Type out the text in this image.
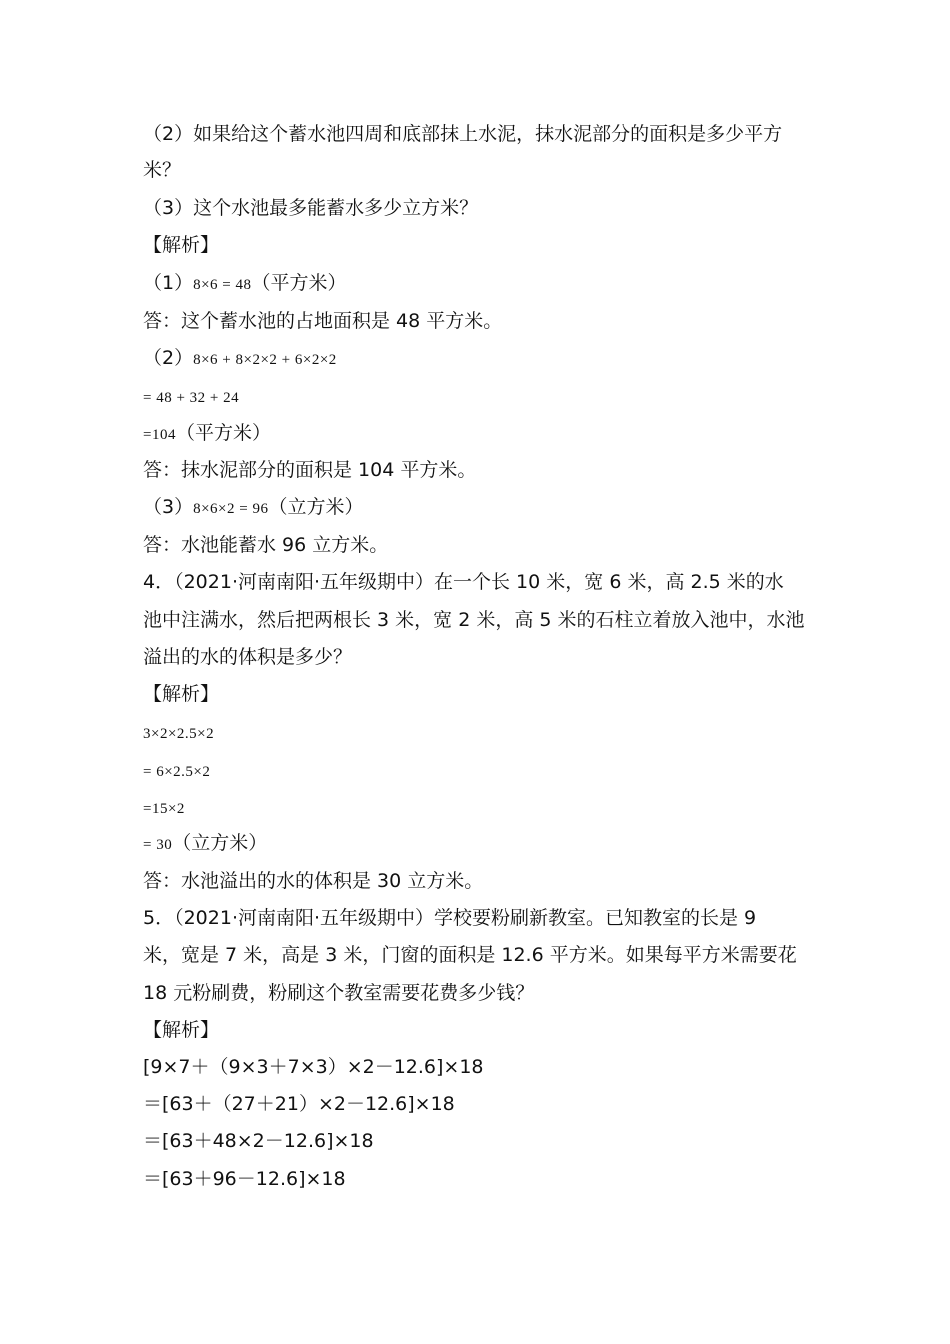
（2）如果给这个蓄水池四周和底部抹上水泥，抹水泥部分的面积是多少平方
米？
（3）这个水池最多能蓄水多少立方米？
【解析】
（1）8×6 = 48（平方米）
答：这个蓄水池的占地面积是 48 平方米。
（2）8×6 + 8×2×2 + 6×2×2
= 48 + 32 + 24
=104（平方米）
答：抹水泥部分的面积是 104 平方米。
（3）8×6×2 = 96（立方米）
答：水池能蓄水 96 立方米。
4．（2021·河南南阳·五年级期中）在一个长 10 米，宽 6 米，高 2.5 米的水
池中注满水，然后把两根长 3 米，宽 2 米，高 5 米的石柱立着放入池中，水池
溢出的水的体积是多少？
【解析】
3×2×2.5×2
= 6×2.5×2
=15×2
= 30（立方米）
答：水池溢出的水的体积是 30 立方米。
5．（2021·河南南阳·五年级期中）学校要粉刷新教室。已知教室的长是 9
米，宽是 7 米，高是 3 米，门窗的面积是 12.6 平方米。如果每平方米需要花
18 元粉刷费，粉刷这个教室需要花费多少钱？
【解析】
[9×7＋（9×3＋7×3）×2－12.6]×18
＝[63＋（27＋21）×2－12.6]×18
＝[63＋48×2－12.6]×18
＝[63＋96－12.6]×18
